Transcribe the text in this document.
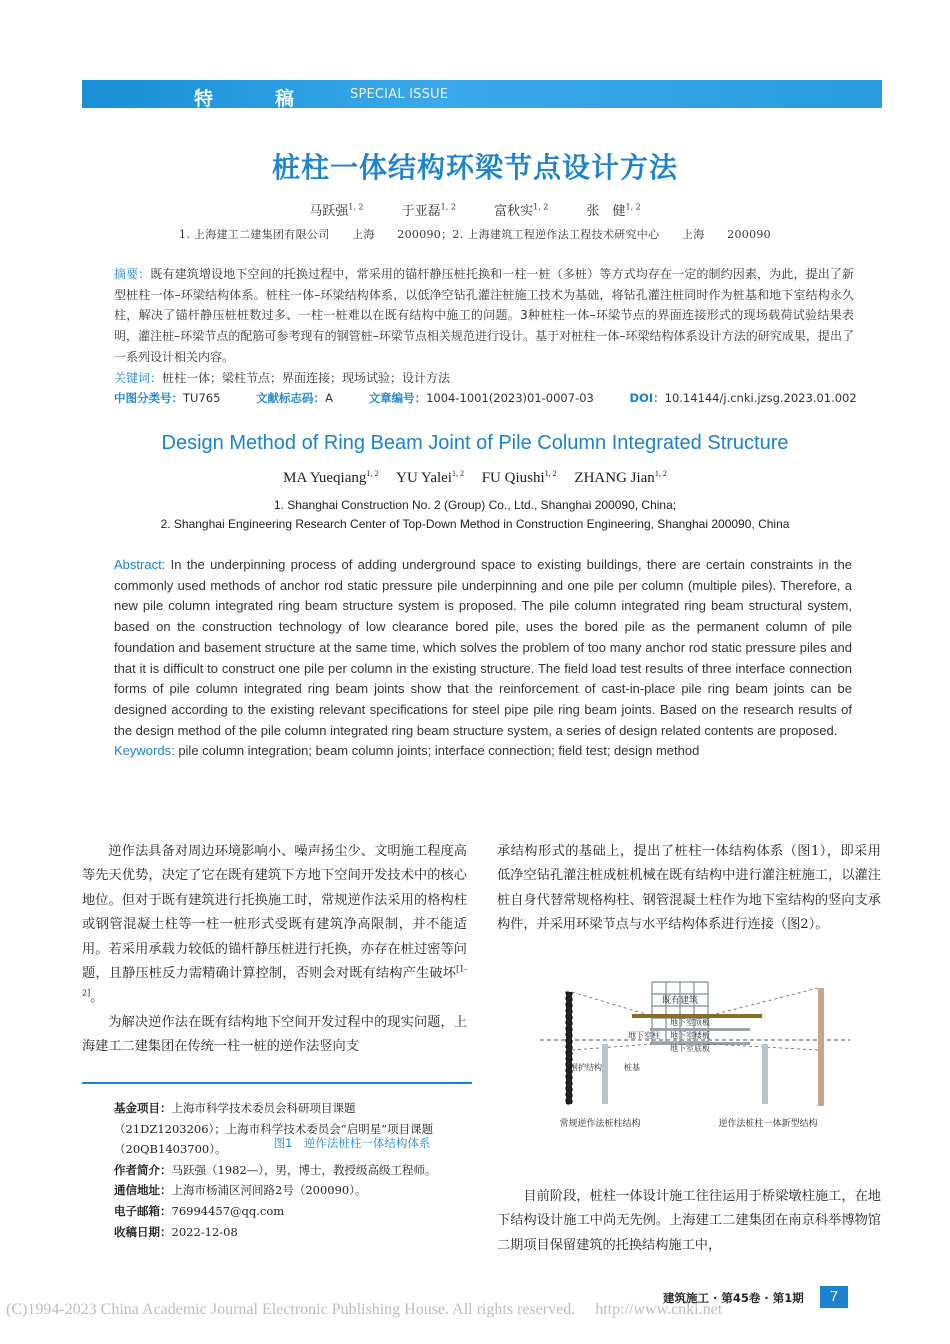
特稿
SPECIAL ISSUE
桩柱一体结构环梁节点设计方法
马跃强$^{1, 2}$	于亚磊$^{1, 2}$	富秋实$^{1, 2}$	张　健$^{1, 2}$
1. 上海建工二建集团有限公司　　上海　　200090；2. 上海建筑工程逆作法工程技术研究中心　　上海　　200090
摘要：既有建筑增设地下空间的托换过程中，常采用的锚杆静压桩托换和一柱一桩（多桩）等方式均存在一定的制约因素，为此，提出了新型桩柱一体–环梁结构体系。桩柱一体–环梁结构体系，以低净空钻孔灌注桩施工技术为基础，将钻孔灌注桩同时作为桩基和地下室结构永久柱，解决了锚杆静压桩桩数过多、一柱一桩难以在既有结构中施工的问题。3种桩柱一体–环梁节点的界面连接形式的现场载荷试验结果表明，灌注桩–环梁节点的配筋可参考现有的钢管桩–环梁节点相关规范进行设计。基于对桩柱一体–环梁结构体系设计方法的研究成果，提出了一系列设计相关内容。
关键词：桩柱一体；梁柱节点；界面连接；现场试验；设计方法
中图分类号：TU765	文献标志码：A	文章编号：1004-1001(2023)01-0007-03	DOI：10.14144/j.cnki.jzsg.2023.01.002
Design Method of Ring Beam Joint of Pile Column Integrated Structure
MA Yueqiang$^{1, 2}$ YU Yalei$^{1, 2}$ FU Qiushi$^{1, 2}$ ZHANG Jian$^{1, 2}$
1. Shanghai Construction No. 2 (Group) Co., Ltd., Shanghai 200090, China;
2. Shanghai Engineering Research Center of Top-Down Method in Construction Engineering, Shanghai 200090, China
Abstract: In the underpinning process of adding underground space to existing buildings, there are certain constraints in the commonly used methods of anchor rod static pressure pile underpinning and one pile per column (multiple piles). Therefore, a new pile column integrated ring beam structure system is proposed. The pile column integrated ring beam structural system, based on the construction technology of low clearance bored pile, uses the bored pile as the permanent column of pile foundation and basement structure at the same time, which solves the problem of too many anchor rod static pressure piles and that it is difficult to construct one pile per column in the existing structure. The field load test results of three interface connection forms of pile column integrated ring beam joints show that the reinforcement of cast-in-place pile ring beam joints can be designed according to the existing relevant specifications for steel pipe pile ring beam joints. Based on the research results of the design method of the pile column integrated ring beam structure system, a series of design related contents are proposed.
Keywords: pile column integration; beam column joints; interface connection; field test; design method

逆作法具备对周边环境影响小、噪声扬尘少、文明施工程度高等先天优势，决定了它在既有建筑下方地下空间开发技术中的核心地位。但对于既有建筑进行托换施工时，常规逆作法采用的格构柱或钢管混凝土柱等一柱一桩形式受既有建筑净高限制，并不能适用。若采用承载力较低的锚杆静压桩进行托换，亦存在桩过密等问题，且静压桩反力需精确计算控制，否则会对既有结构产生破坏[1-2]。

为解决逆作法在既有结构地下空间开发过程中的现实问题，上海建工二建集团在传统一柱一桩的逆作法竖向支

承结构形式的基础上，提出了桩柱一体结构体系（图1），即采用低净空钻孔灌注桩成桩机械在既有结构中进行灌注桩施工，以灌注桩自身代替常规格构柱、钢管混凝土柱作为地下室结构的竖向支承构件，并采用环梁节点与水平结构体系进行连接（图2）。

目前阶段，桩柱一体设计施工往往运用于桥梁墩柱施工，在地下结构设计施工中尚无先例。上海建工二建集团在南京科举博物馆二期项目保留建筑的托换结构施工中，

既有建筑
地下室顶板
地下室楼板
地下室底板
地下室柱
围护结构	桩基
常规逆作法桩柱结构	逆作法桩柱一体新型结构
图1　逆作法桩柱一体结构体系
基金项目：上海市科学技术委员会科研项目课题（21DZ1203206）；上海市科学技术委员会“启明星”项目课题（20QB1403700）。
作者简介：马跃强（1982—），男，博士，教授级高级工程师。
通信地址：上海市杨浦区河间路2号（200090）。
电子邮箱：76994457@qq.com
收稿日期：2022-12-08
建筑施工 · 第45卷 · 第1期	7
(C)1994-2023 China Academic Journal Electronic Publishing House. All rights reserved.　 http://www.cnki.net
